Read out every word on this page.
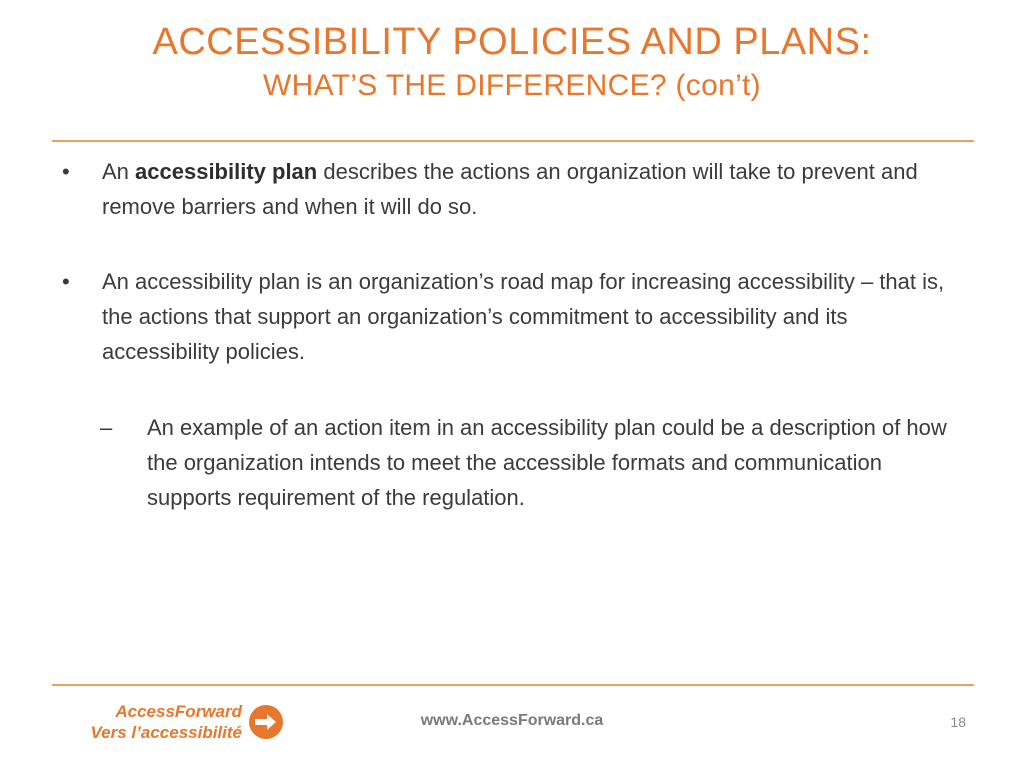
ACCESSIBILITY POLICIES AND PLANS:
WHAT’S THE DIFFERENCE? (con’t)
•	An accessibility plan describes the actions an organization will take to prevent and remove barriers and when it will do so.
•	An accessibility plan is an organization’s road map for increasing accessibility – that is, the actions that support an organization’s commitment to accessibility and its accessibility policies.
–	An example of an action item in an accessibility plan could be a description of how the organization intends to meet the accessible formats and communication supports requirement of the regulation.
AccessForward
Vers l’accessibilité
www.AccessForward.ca	18
